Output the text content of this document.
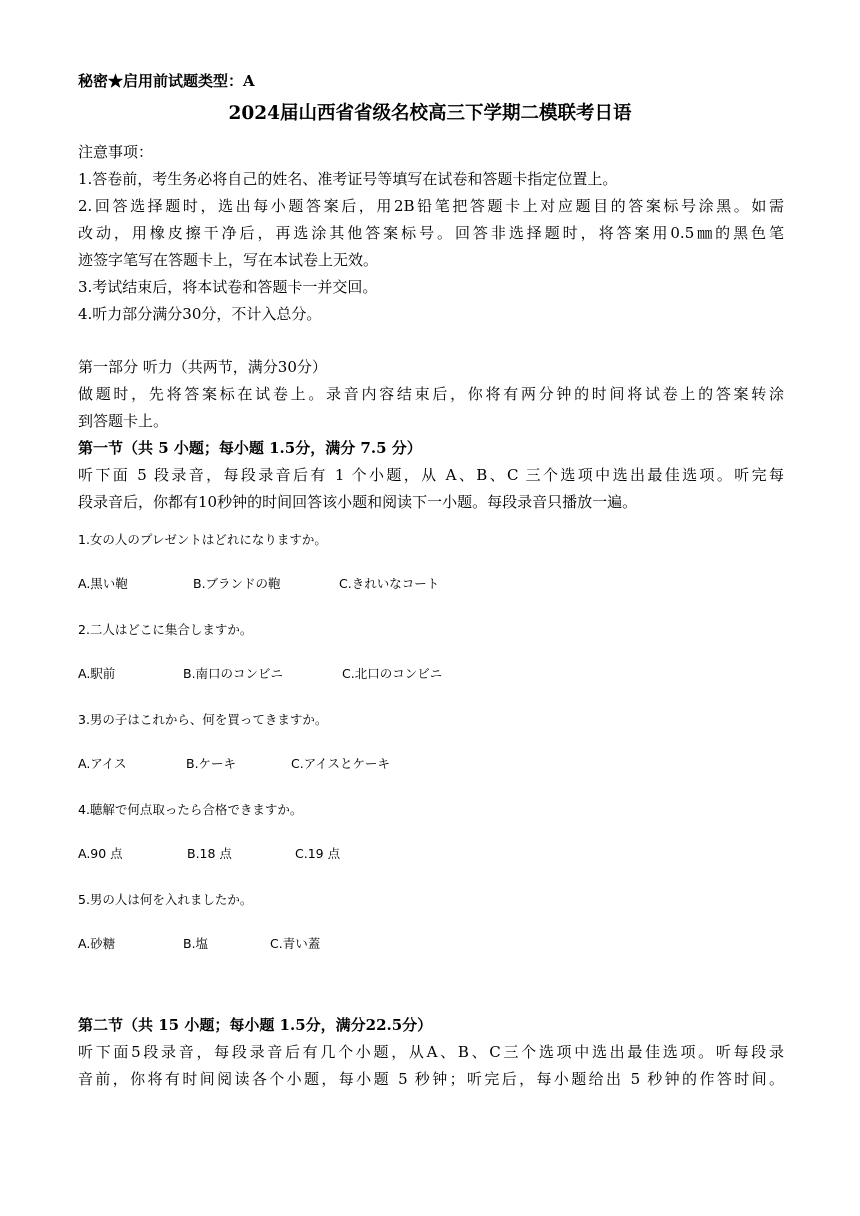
秘密★启用前试题类型：A
2024届山西省省级名校高三下学期二模联考日语
注意事项：
1.答卷前，考生务必将自己的姓名、准考证号等填写在试卷和答题卡指定位置上。
2.回答选择题时，选出每小题答案后，用2B铅笔把答题卡上对应题目的答案标号涂黑。如需
改动，用橡皮擦干净后，再选涂其他答案标号。回答非选择题时，将答案用0.5㎜的黑色笔
迹签字笔写在答题卡上，写在本试卷上无效。
3.考试结束后，将本试卷和答题卡一并交回。
4.听力部分满分30分，不计入总分。
第一部分 听力（共两节，满分30分）
做题时，先将答案标在试卷上。录音内容结束后，你将有两分钟的时间将试卷上的答案转涂
到答题卡上。
第一节（共 5 小题；每小题 1.5分，满分 7.5 分）
听下面 5 段录音，每段录音后有 1 个小题，从 A、B、C 三个选项中选出最佳选项。听完每
段录音后，你都有10秒钟的时间回答该小题和阅读下一小题。每段录音只播放一遍。
1.女の人のプレゼントはどれになりますか。
A.黒い鞄	B.ブランドの鞄	C.きれいなコート
2.二人はどこに集合しますか。
A.駅前	B.南口のコンビニ	C.北口のコンビニ
3.男の子はこれから、何を買ってきますか。
A.アイス	B.ケーキ	C.アイスとケーキ
4.聴解で何点取ったら合格できますか。
A.90 点	B.18 点	C.19 点
5.男の人は何を入れましたか。
A.砂糖	B.塩	C.青い蓋
第二节（共 15 小题；每小题 1.5分，满分22.5分）
听下面5段录音，每段录音后有几个小题，从A、B、C三个选项中选出最佳选项。听每段录
音前，你将有时间阅读各个小题，每小题 5 秒钟；听完后，每小题给出 5 秒钟的作答时间。
